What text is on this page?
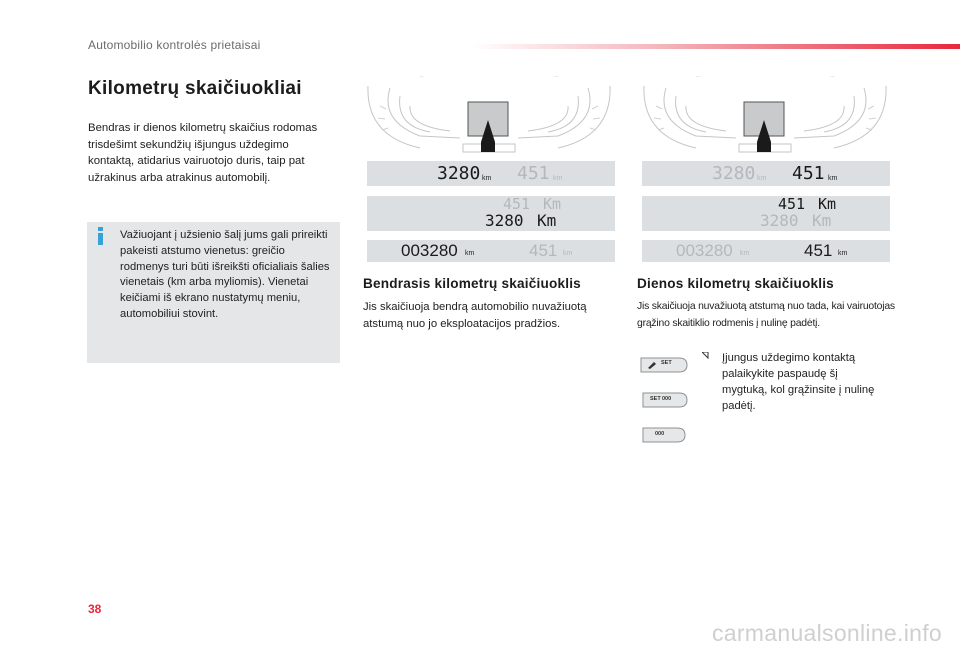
Automobilio kontrolės prietaisai
Kilometrų skaičiuokliai
Bendras ir dienos kilometrų skaičius rodomas trisdešimt sekundžių išjungus uždegimo kontaktą, atidarius vairuotojo duris, taip pat užrakinus arba atrakinus automobilį.
Važiuojant į užsienio šalį jums gali prireikti pakeisti atstumo vienetus: greičio rodmenys turi būti išreikšti oficialiais šalies vienetais (km arba myliomis). Vienetai keičiami iš ekrano nustatymų meniu, automobiliui stovint.
3280 km 451 km
451 Km
3280 Km
003280 km	451 km
3280 km 451 km
451 Km
3280 Km
003280 km	451 km
Bendrasis kilometrų skaičiuoklis
Jis skaičiuoja bendrą automobilio nuvažiuotą atstumą nuo jo eksploatacijos pradžios.
Dienos kilometrų skaičiuoklis
Jis skaičiuoja nuvažiuotą atstumą nuo tada, kai vairuotojas grąžino skaitiklio rodmenis į nulinę padėtį.
SET
SET 000
000
Įjungus uždegimo kontaktą palaikykite paspaudę šį mygtuką, kol grąžinsite į nulinę padėtį.
38
carmanualsonline.info
